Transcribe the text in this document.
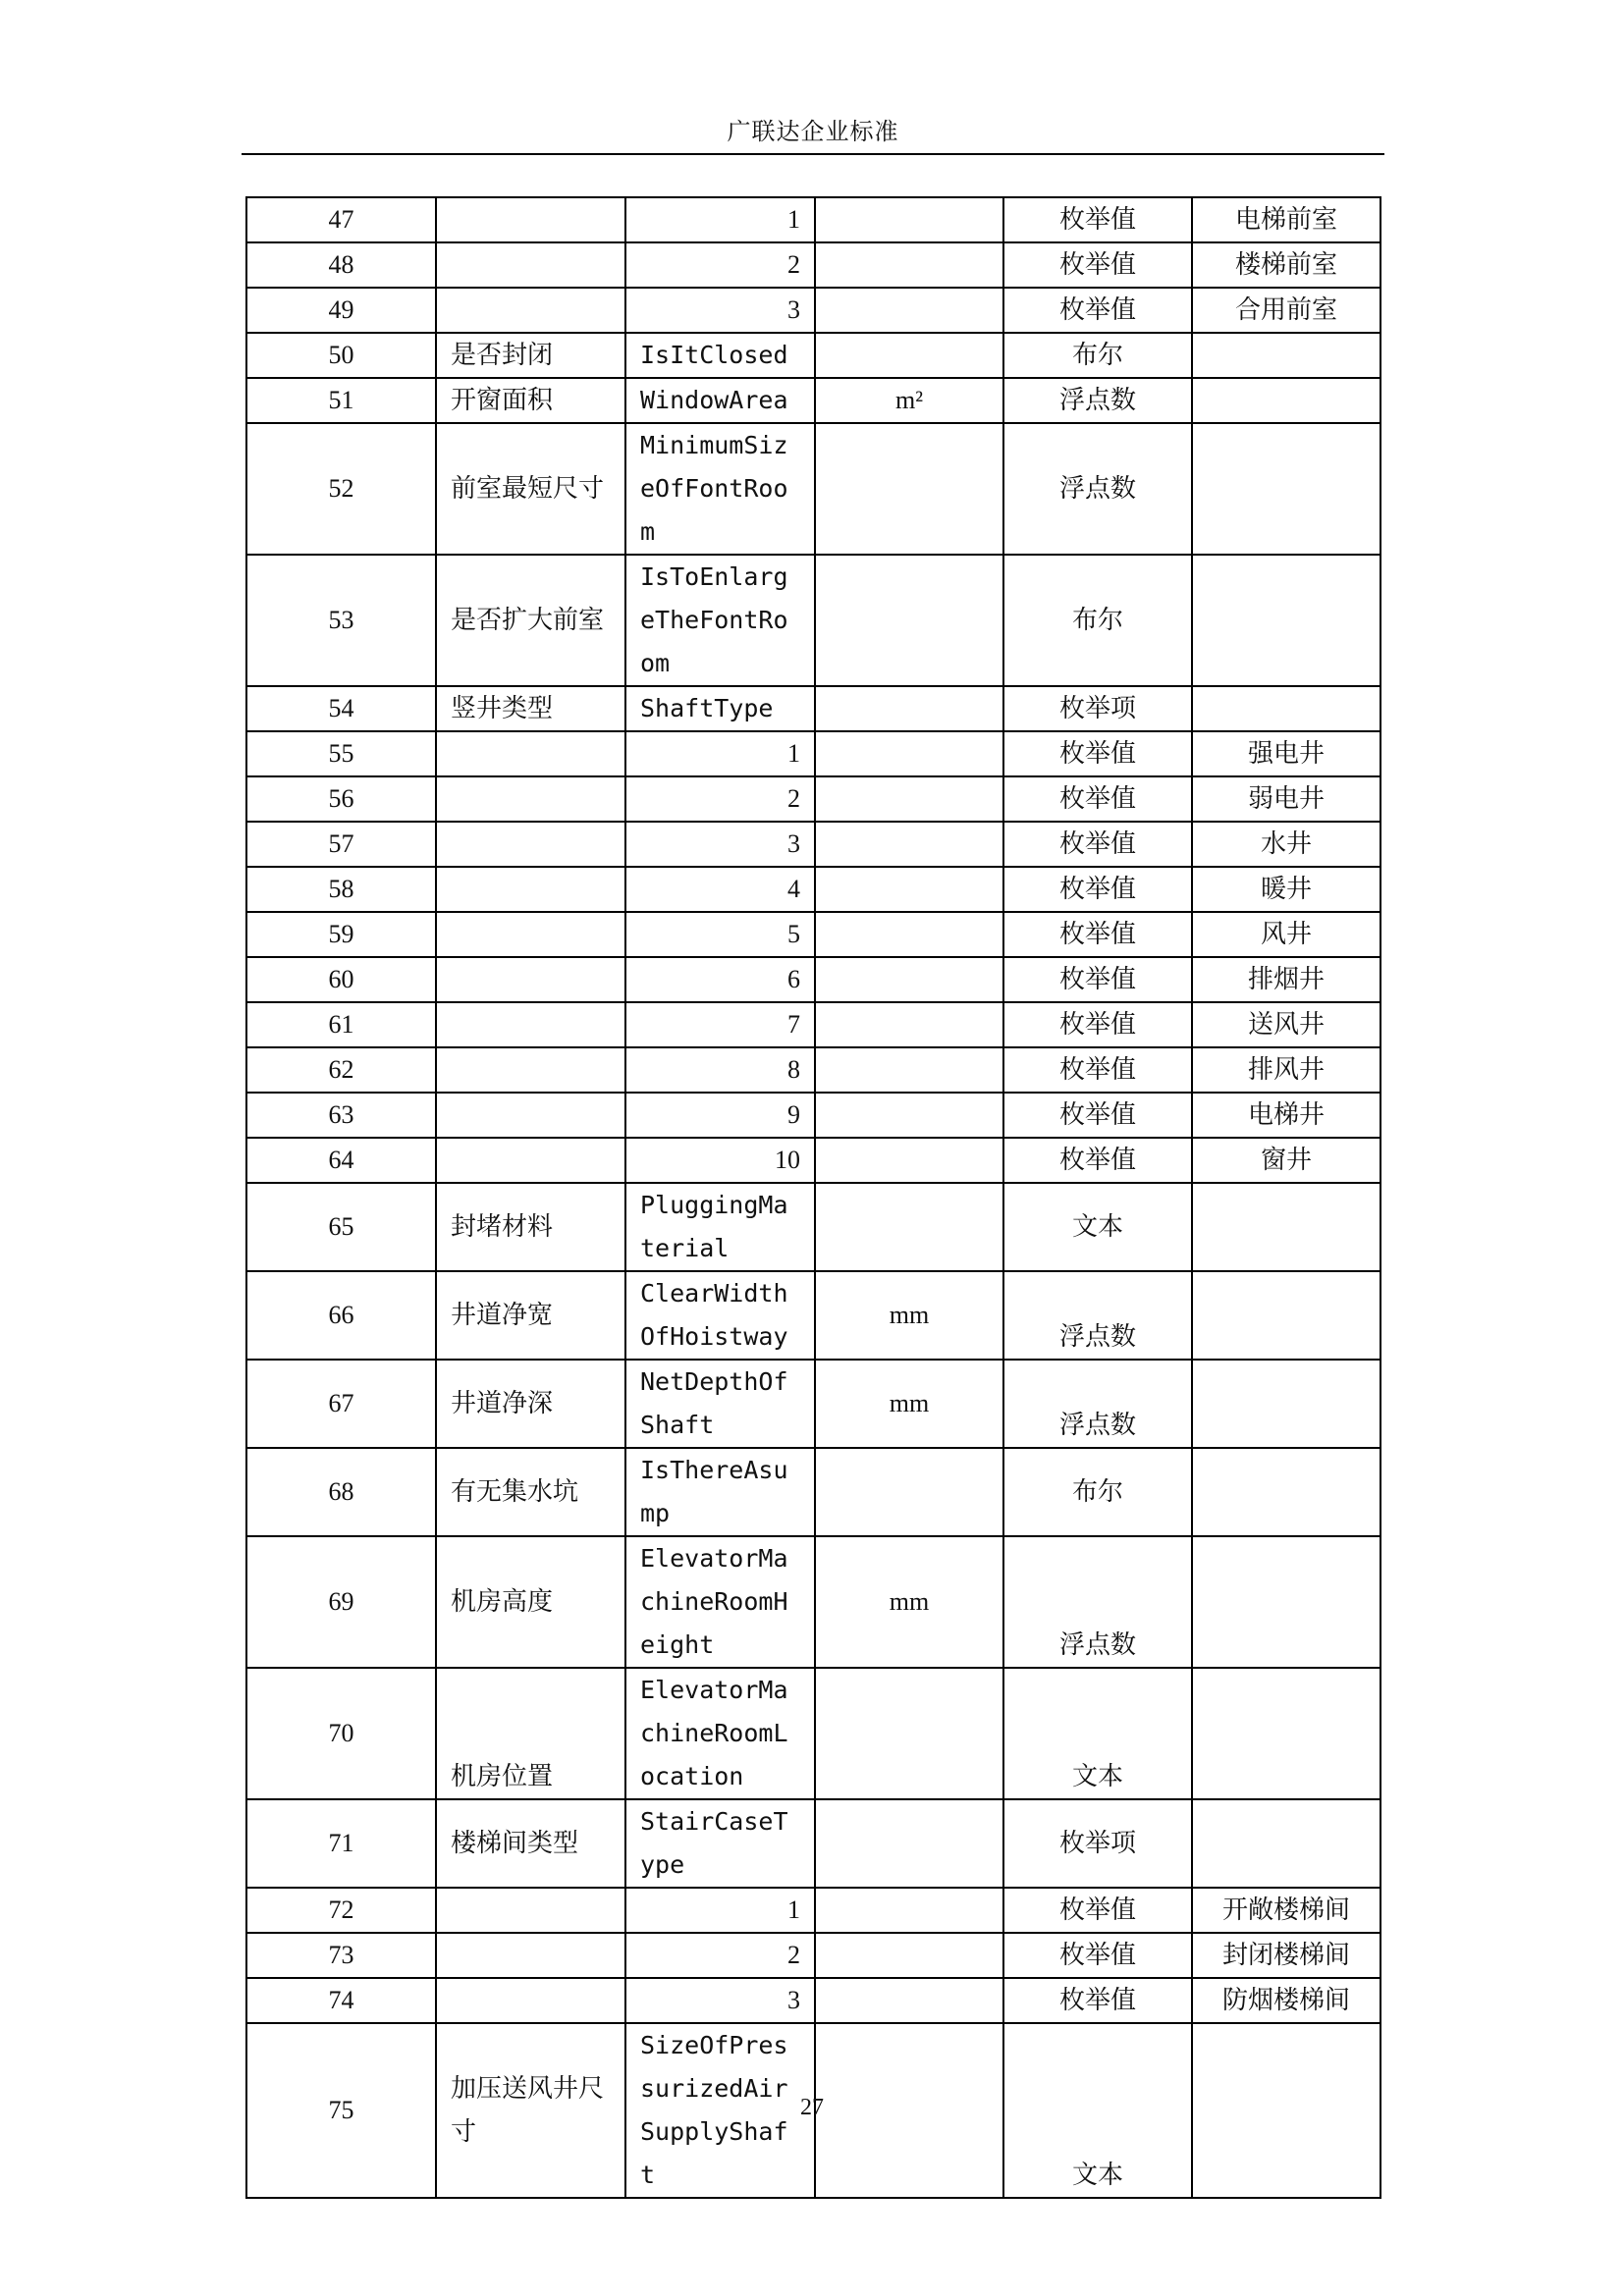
广联达企业标准
47		1		枚举值	电梯前室
48		2		枚举值	楼梯前室
49		3		枚举值	合用前室
50	是否封闭	IsItClosed		布尔	
51	开窗面积	WindowArea	m²	浮点数	
52	前室最短尺寸	MinimumSizeOfFontRoom		浮点数	
53	是否扩大前室	IsToEnlargeTheFontRoom		布尔	
54	竖井类型	ShaftType		枚举项	
55		1		枚举值	强电井
56		2		枚举值	弱电井
57		3		枚举值	水井
58		4		枚举值	暖井
59		5		枚举值	风井
60		6		枚举值	排烟井
61		7		枚举值	送风井
62		8		枚举值	排风井
63		9		枚举值	电梯井
64		10		枚举值	窗井
65	封堵材料	PluggingMaterial		文本	
66	井道净宽	ClearWidthOfHoistway	mm	浮点数	
67	井道净深	NetDepthOfShaft	mm	浮点数	
68	有无集水坑	IsThereAsump		布尔	
69	机房高度	ElevatorMachineRoomHeight	mm	浮点数	
70	机房位置	ElevatorMachineRoomLocation		文本	
71	楼梯间类型	StairCaseType		枚举项	
72		1		枚举值	开敞楼梯间
73		2		枚举值	封闭楼梯间
74		3		枚举值	防烟楼梯间
75	加压送风井尺寸	SizeOfPressurizedAirSupplyShaft		文本	
27
